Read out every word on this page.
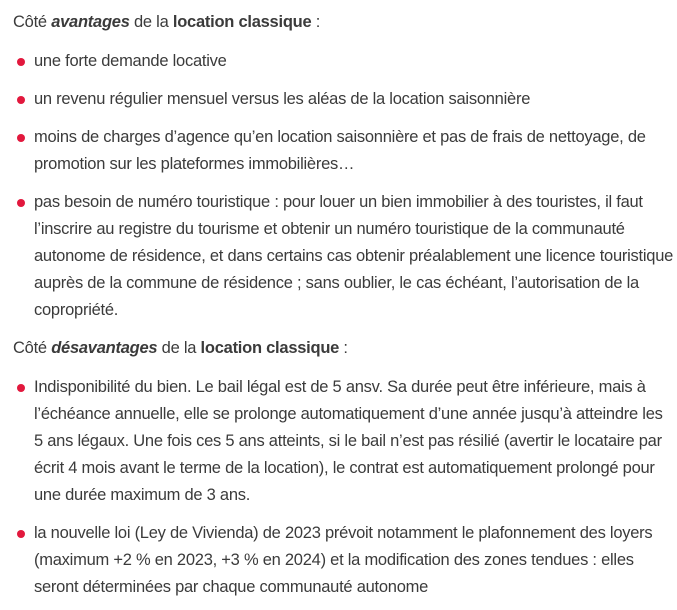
Côté avantages de la location classique :

une forte demande locative
un revenu régulier mensuel versus les aléas de la location saisonnière
moins de charges d’agence qu’en location saisonnière et pas de frais de nettoyage, de promotion sur les plateformes immobilières…
pas besoin de numéro touristique : pour louer un bien immobilier à des touristes, il faut l’inscrire au registre du tourisme et obtenir un numéro touristique de la communauté autonome de résidence, et dans certains cas obtenir préalablement une licence touristique auprès de la commune de résidence ; sans oublier, le cas échéant, l’autorisation de la copropriété.

Côté désavantages de la location classique :

Indisponibilité du bien. Le bail légal est de 5 ansv. Sa durée peut être inférieure, mais à l’échéance annuelle, elle se prolonge automatiquement d’une année jusqu’à atteindre les 5 ans légaux. Une fois ces 5 ans atteints, si le bail n’est pas résilié (avertir le locataire par écrit 4 mois avant le terme de la location), le contrat est automatiquement prolongé pour une durée maximum de 3 ans.
la nouvelle loi (Ley de Vivienda) de 2023 prévoit notamment le plafonnement des loyers (maximum +2 % en 2023, +3 % en 2024) et la modification des zones tendues : elles seront déterminées par chaque communauté autonome
